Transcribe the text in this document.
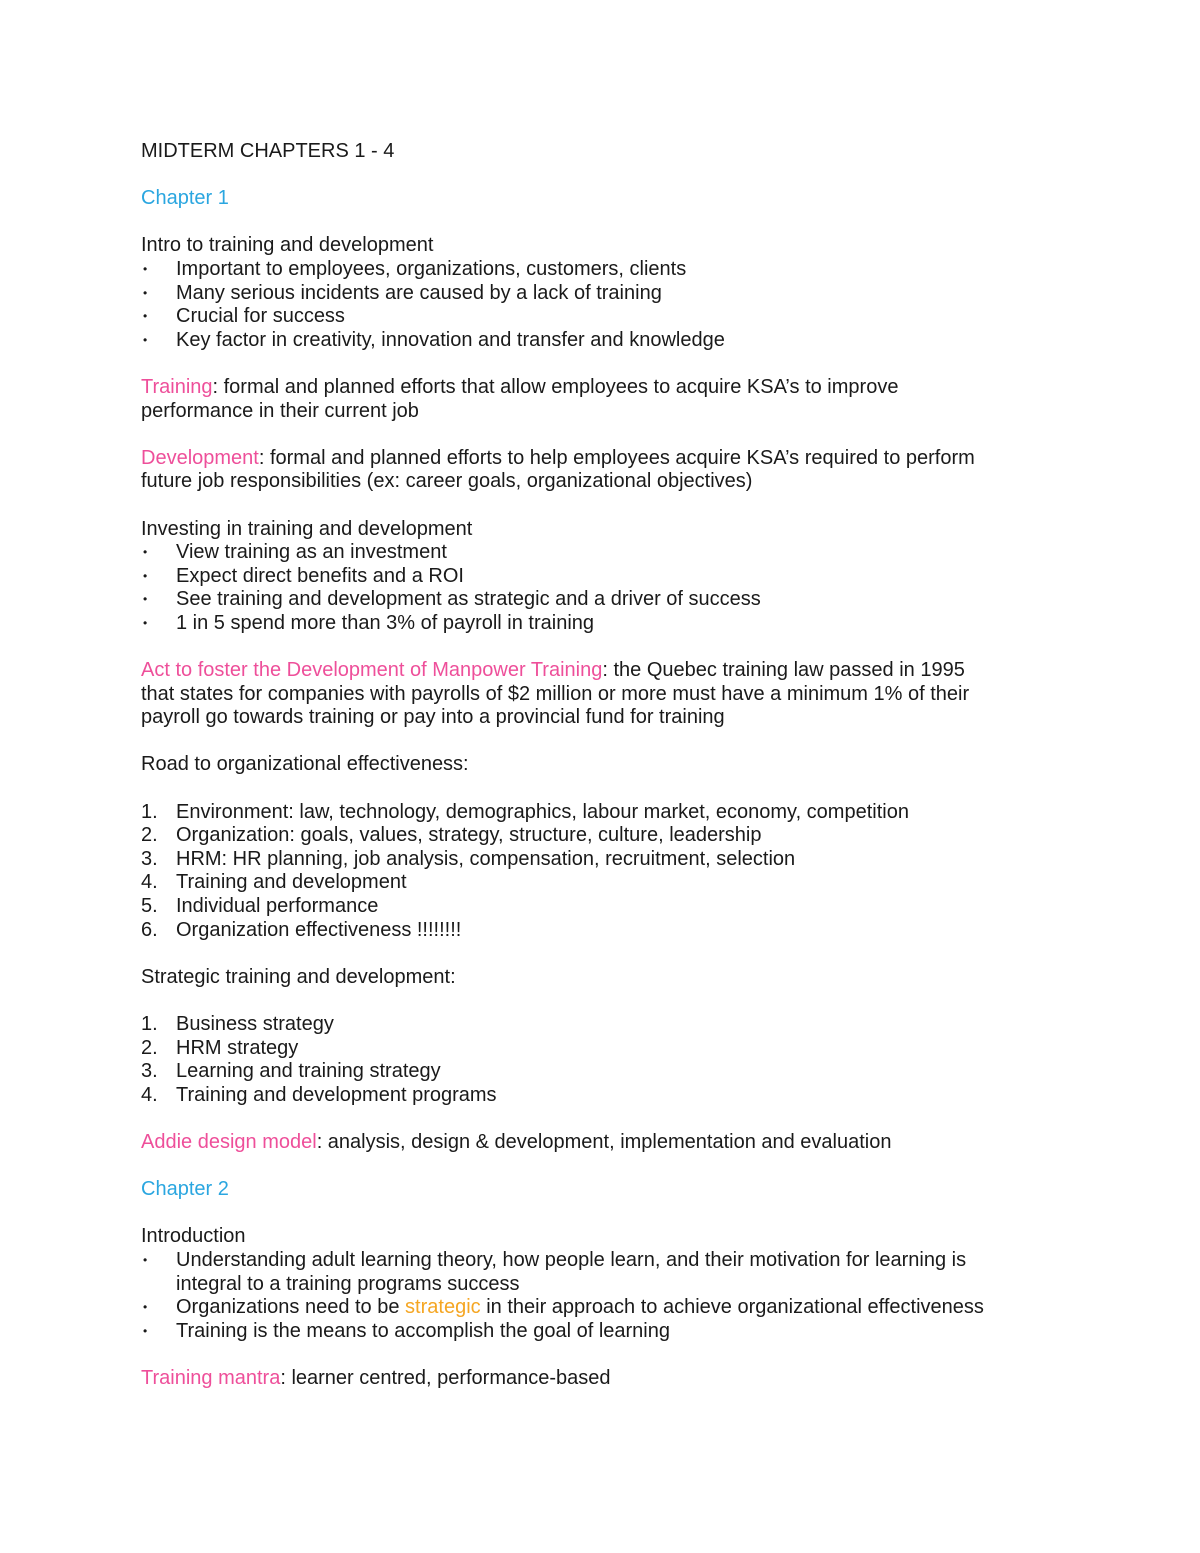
MIDTERM CHAPTERS 1 - 4
Chapter 1
Intro to training and development
•	Important to employees, organizations, customers, clients
•	Many serious incidents are caused by a lack of training
•	Crucial for success
•	Key factor in creativity, innovation and transfer and knowledge
Training: formal and planned efforts that allow employees to acquire KSA’s to improve
performance in their current job
Development: formal and planned efforts to help employees acquire KSA’s required to perform
future job responsibilities (ex: career goals, organizational objectives)
Investing in training and development
•	View training as an investment
•	Expect direct benefits and a ROI
•	See training and development as strategic and a driver of success
•	1 in 5 spend more than 3% of payroll in training
Act to foster the Development of Manpower Training: the Quebec training law passed in 1995
that states for companies with payrolls of $2 million or more must have a minimum 1% of their
payroll go towards training or pay into a provincial fund for training
Road to organizational effectiveness:
1. Environment: law, technology, demographics, labour market, economy, competition
2. Organization: goals, values, strategy, structure, culture, leadership
3. HRM: HR planning, job analysis, compensation, recruitment, selection
4. Training and development
5. Individual performance
6. Organization effectiveness !!!!!!!!
Strategic training and development:
1. Business strategy
2. HRM strategy
3. Learning and training strategy
4. Training and development programs
Addie design model: analysis, design & development, implementation and evaluation
Chapter 2
Introduction
•	Understanding adult learning theory, how people learn, and their motivation for learning is
integral to a training programs success
•	Organizations need to be strategic in their approach to achieve organizational effectiveness
•	Training is the means to accomplish the goal of learning
Training mantra: learner centred, performance-based
